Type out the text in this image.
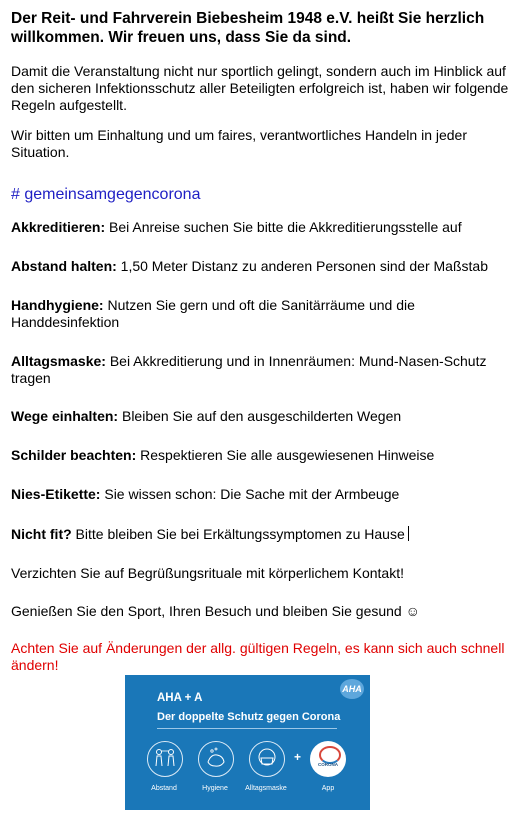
Der Reit- und Fahrverein Biebesheim 1948 e.V. heißt Sie herzlich willkommen. Wir freuen uns, dass Sie da sind.

Damit die Veranstaltung nicht nur sportlich gelingt, sondern auch im Hinblick auf den sicheren Infektionsschutz aller Beteiligten erfolgreich ist, haben wir folgende Regeln aufgestellt.

Wir bitten um Einhaltung und um faires, verantwortliches Handeln in jeder Situation.

# gemeinsamgegencorona

Akkreditieren: Bei Anreise suchen Sie bitte die Akkreditierungsstelle auf

Abstand halten: 1,50 Meter Distanz zu anderen Personen sind der Maßstab

Handhygiene: Nutzen Sie gern und oft die Sanitärräume und die Handdesinfektion

Alltagsmaske: Bei Akkreditierung und in Innenräumen: Mund-Nasen-Schutz tragen

Wege einhalten: Bleiben Sie auf den ausgeschilderten Wegen

Schilder beachten: Respektieren Sie alle ausgewiesenen Hinweise

Nies-Etikette: Sie wissen schon: Die Sache mit der Armbeuge

Nicht fit? Bitte bleiben Sie bei Erkältungssymptomen zu Hause

Verzichten Sie auf Begrüßungsrituale mit körperlichem Kontakt!

Genießen Sie den Sport, Ihren Besuch und bleiben Sie gesund ☺

Achten Sie auf Änderungen der allg. gültigen Regeln, es kann sich auch schnell ändern!

AHA
AHA + A
Der doppelte Schutz gegen Corona
+
CORONA
Abstand	Hygiene	Alltagsmaske	App
